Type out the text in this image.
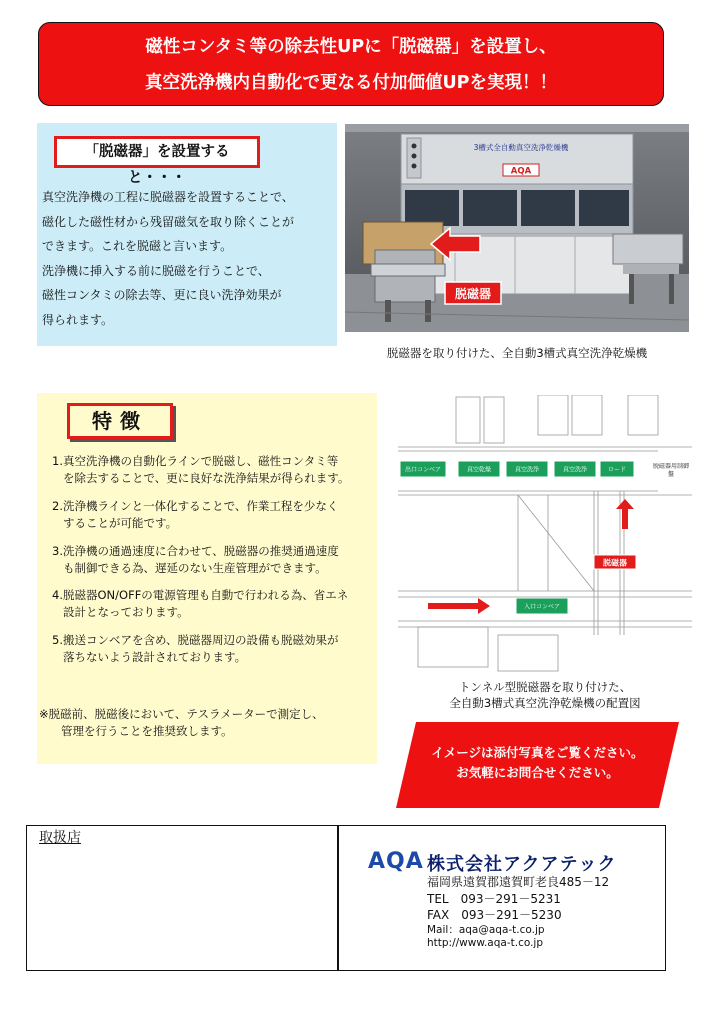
磁性コンタミ等の除去性UPに「脱磁器」を設置し、
真空洗浄機内自動化で更なる付加価値UPを実現！！
「脱磁器」を設置すると・・・
真空洗浄機の工程に脱磁器を設置することで、
磁化した磁性材から残留磁気を取り除くことが
できます。これを脱磁と言います。
洗浄機に挿入する前に脱磁を行うことで、
磁性コンタミの除去等、更に良い洗浄効果が
得られます。
3槽式全自動真空洗浄乾燥機
AQA
脱磁器
脱磁器を取り付けた、全自動3槽式真空洗浄乾燥機
特徴
1.真空洗浄機の自動化ラインで脱磁し、磁性コンタミ等
を除去することで、更に良好な洗浄結果が得られます。
2.洗浄機ラインと一体化することで、作業工程を少なく
することが可能です。
3.洗浄機の通過速度に合わせて、脱磁器の推奨通過速度
も制御できる為、遅延のない生産管理ができます。
4.脱磁器ON/OFFの電源管理も自動で行われる為、省エネ
設計となっております。
5.搬送コンベアを含め、脱磁器周辺の設備も脱磁効果が
落ちないよう設計されております。
※脱磁前、脱磁後において、テスラメーターで測定し、
管理を行うことを推奨致します。
出口コンベア	真空乾燥	真空洗浄	真空洗浄	ロード
入口コンベア
脱磁器用制御盤
脱磁器
トンネル型脱磁器を取り付けた、
全自動3槽式真空洗浄乾燥機の配置図
イメージは添付写真をご覧ください。
お気軽にお問合せください。
取扱店
AQA 株式会社アクアテック
福岡県遠賀郡遠賀町老良485－12
TEL　093－291－5231
FAX　093－291－5230
Mail：aqa@aqa-t.co.jp
http://www.aqa-t.co.jp
